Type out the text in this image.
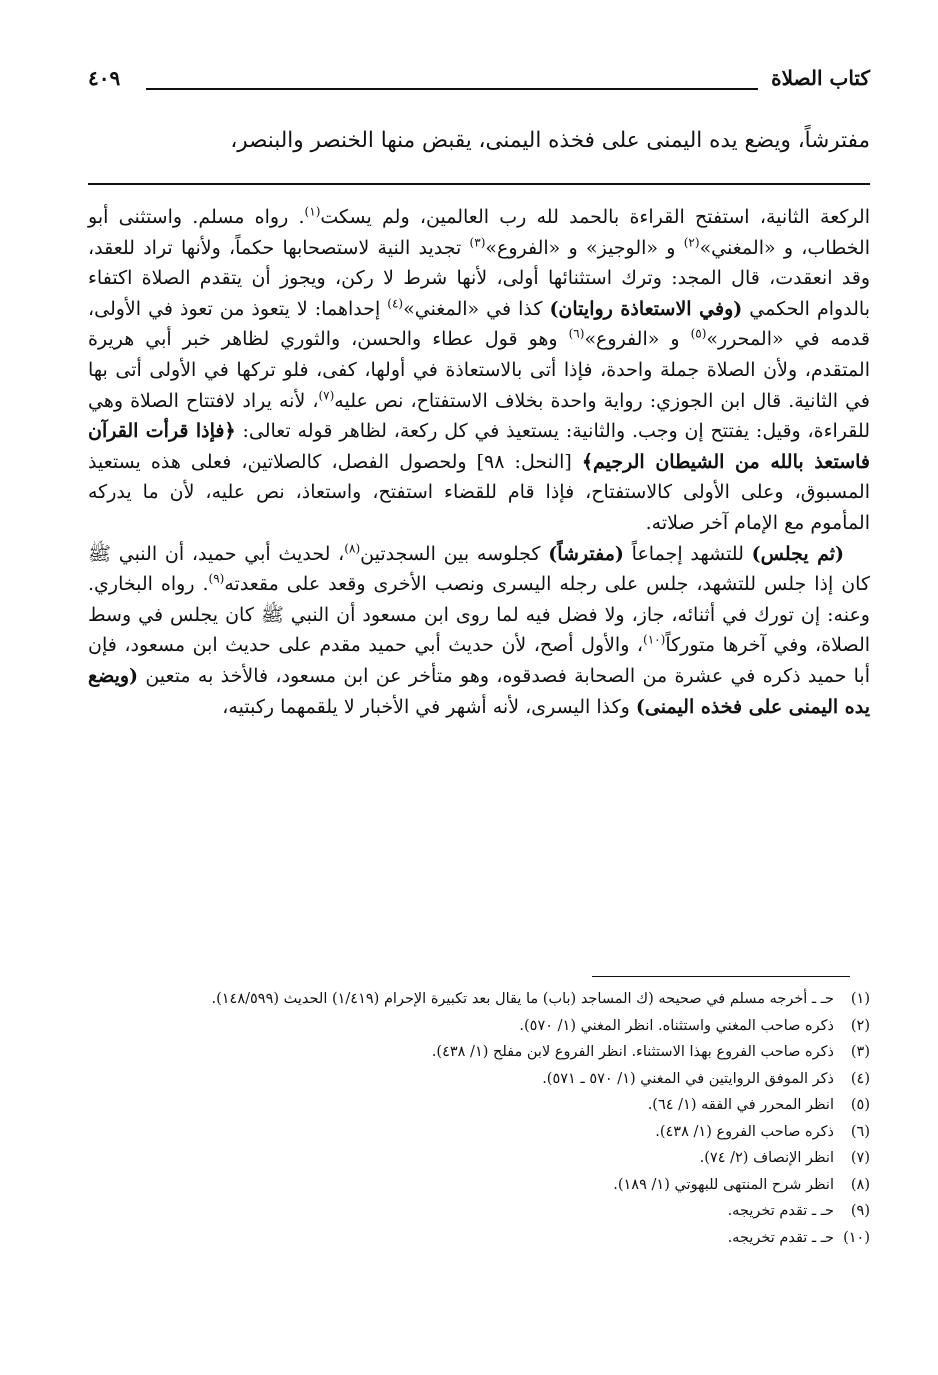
كتاب الصلاة
٤٠٩
مفترشاً، ويضع يده اليمنى على فخذه اليمنى، يقبض منها الخنصر والبنصر،

الركعة الثانية، استفتح القراءة بالحمد لله رب العالمين، ولم يسكت$^{(١)}$. رواه مسلم. واستثنى أبو الخطاب، و «المغني»$^{(٢)}$ و «الوجيز» و «الفروع»$^{(٣)}$ تجديد النية لاستصحابها حكماً، ولأنها تراد للعقد، وقد انعقدت، قال المجد: وترك استثنائها أولى، لأنها شرط لا ركن، ويجوز أن يتقدم الصلاة اكتفاء بالدوام الحكمي (وفي الاستعاذة روايتان) كذا في «المغني»$^{(٤)}$ إحداهما: لا يتعوذ من تعوذ في الأولى، قدمه في «المحرر»$^{(٥)}$ و «الفروع»$^{(٦)}$ وهو قول عطاء والحسن، والثوري لظاهر خبر أبي هريرة المتقدم، ولأن الصلاة جملة واحدة، فإذا أتى بالاستعاذة في أولها، كفى، فلو تركها في الأولى أتى بها في الثانية. قال ابن الجوزي: رواية واحدة بخلاف الاستفتاح، نص عليه$^{(٧)}$، لأنه يراد لافتتاح الصلاة وهي للقراءة، وقيل: يفتتح إن وجب. والثانية: يستعيذ في كل ركعة، لظاهر قوله تعالى: ﴿فإذا قرأت القرآن فاستعذ بالله من الشيطان الرجيم﴾ [النحل: ٩٨] ولحصول الفصل، كالصلاتين، فعلى هذه يستعيذ المسبوق، وعلى الأولى كالاستفتاح، فإذا قام للقضاء استفتح، واستعاذ، نص عليه، لأن ما يدركه المأموم مع الإمام آخر صلاته.

(ثم يجلس) للتشهد إجماعاً (مفترشاً) كجلوسه بين السجدتين$^{(٨)}$، لحديث أبي حميد، أن النبي ﷺ كان إذا جلس للتشهد، جلس على رجله اليسرى ونصب الأخرى وقعد على مقعدته$^{(٩)}$. رواه البخاري. وعنه: إن تورك في أثنائه، جاز، ولا فضل فيه لما روى ابن مسعود أن النبي ﷺ كان يجلس في وسط الصلاة، وفي آخرها متوركاً$^{(١٠)}$، والأول أصح، لأن حديث أبي حميد مقدم على حديث ابن مسعود، فإن أبا حميد ذكره في عشرة من الصحابة فصدقوه، وهو متأخر عن ابن مسعود، فالأخذ به متعين (ويضع يده اليمنى على فخذه اليمنى) وكذا اليسرى، لأنه أشهر في الأخبار لا يلقمهما ركبتيه،

(١)
حـ ـ أخرجه مسلم في صحيحه (ك المساجد (باب) ما يقال بعد تكبيرة الإحرام (١/٤١٩) الحديث (١٤٨/٥٩٩).
(٢)
ذكره صاحب المغني واستثناه. انظر المغني (١/ ٥٧٠).
(٣)
ذكره صاحب الفروع بهذا الاستثناء. انظر الفروع لابن مفلح (١/ ٤٣٨).
(٤)
ذكر الموفق الروايتين في المغني (١/ ٥٧٠ ـ ٥٧١).
(٥)
انظر المحرر في الفقه (١/ ٦٤).
(٦)
ذكره صاحب الفروع (١/ ٤٣٨).
(٧)
انظر الإنصاف (٢/ ٧٤).
(٨)
انظر شرح المنتهى للبهوتي (١/ ١٨٩).
(٩)
حـ ـ تقدم تخريجه.
(١٠)
حـ ـ تقدم تخريجه.
